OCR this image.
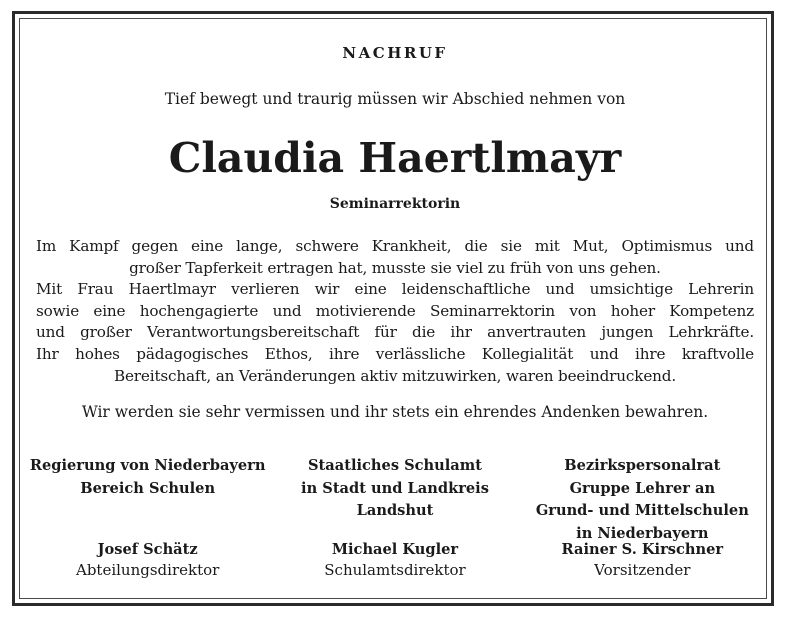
NACHRUF
Tief bewegt und traurig müssen wir Abschied nehmen von
Claudia Haertlmayr
Seminarrektorin
Im Kampf gegen eine lange, schwere Krankheit, die sie mit Mut, Optimismus und
großer Tapferkeit ertragen hat, musste sie viel zu früh von uns gehen.
Mit Frau Haertlmayr verlieren wir eine leidenschaftliche und umsichtige Lehrerin
sowie eine hochengagierte und motivierende Seminarrektorin von hoher Kompetenz
und großer Verantwortungsbereitschaft für die ihr anvertrauten jungen Lehrkräfte.
Ihr hohes pädagogisches Ethos, ihre verlässliche Kollegialität und ihre kraftvolle
Bereitschaft, an Veränderungen aktiv mitzuwirken, waren beeindruckend.
Wir werden sie sehr vermissen und ihr stets ein ehrendes Andenken bewahren.
Regierung von Niederbayern
Bereich Schulen
Josef Schätz
Abteilungsdirektor
Staatliches Schulamt
in Stadt und Landkreis
Landshut
Michael Kugler
Schulamtsdirektor
Bezirkspersonalrat
Gruppe Lehrer an
Grund- und Mittelschulen
in Niederbayern
Rainer S. Kirschner
Vorsitzender
